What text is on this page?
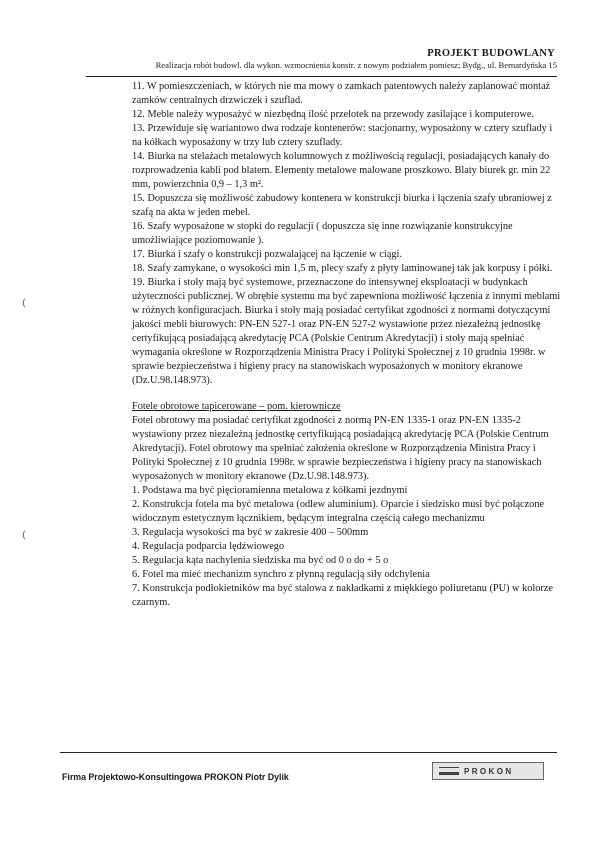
PROJEKT BUDOWLANY
Realizacja robót budowl. dla wykon. wzmocnienia konstr. z nowym podziałem pomiesz; Bydg., ul. Bernardyńska 15
(
(

11. W pomieszczeniach, w których nie ma mowy o zamkach patentowych należy zaplanować montaż zamków centralnych drzwiczek i szuflad.

12. Meble należy wyposażyć w niezbędną ilość przelotek na przewody zasilające i komputerowe.

13. Przewiduje się wariantowo dwa rodzaje kontenerów: stacjonarny, wyposażony w cztery szuflady i na kółkach wyposażony w trzy lub cztery szuflady.

14. Biurka na stelażach metalowych kolumnowych z możliwością regulacji, posiadających kanały do rozprowadzenia kabli pod blatem. Elementy metalowe malowane proszkowo. Blaty biurek gr. min 22 mm, powierzchnia 0,9 – 1,3 m².

15. Dopuszcza się możliwość zabudowy kontenera w konstrukcji biurka i łączenia szafy ubraniowej z szafą na akta w jeden mebel.

16. Szafy wyposażone w stopki do regulacji ( dopuszcza się inne rozwiązanie konstrukcyjne umożliwiające poziomowanie ).

17. Biurka i szafy o konstrukcji pozwalającej na łączenie w ciągi.

18. Szafy zamykane, o wysokości min 1,5 m, plecy szafy z płyty laminowanej tak jak korpusy i półki.

19. Biurka i stoły mają być systemowe, przeznaczone do intensywnej eksploatacji w budynkach użyteczności publicznej. W obrębie systemu ma być zapewniona możliwość łączenia z innymi meblami w różnych konfiguracjach. Biurka i stoły mają posiadać certyfikat zgodności z normami dotyczącymi jakości mebli biurowych: PN-EN 527-1 oraz PN-EN 527-2 wystawione przez niezależną jednostkę certyfikującą posiadającą akredytację PCA (Polskie Centrum Akredytacji) i stoły mają spełniać wymagania określone w Rozporządzenia Ministra Pracy i Polityki Społecznej z 10 grudnia 1998r. w sprawie bezpieczeństwa i higieny pracy na stanowiskach wyposażonych w monitory ekranowe (Dz.U.98.148.973).

Fotele obrotowe tapicerowane – pom. kierownicze

Fotel obrotowy ma posiadać certyfikat zgodności z normą PN-EN 1335-1 oraz PN-EN 1335-2 wystawiony przez niezależną jednostkę certyfikującą posiadającą akredytację PCA (Polskie Centrum Akredytacji). Fotel obrotowy ma spełniać założenia określone w Rozporządzenia Ministra Pracy i Polityki Społecznej z 10 grudnia 1998r. w sprawie bezpieczeństwa i higieny pracy na stanowiskach wyposażonych w monitory ekranowe (Dz.U.98.148.973).

1. Podstawa ma być pięcioramienna metalowa z kółkami jezdnymi

2. Konstrukcja fotela ma być metalowa (odlew aluminium). Oparcie i siedzisko musi być połączone widocznym estetycznym łącznikiem, będącym integralna częścią całego mechanizmu

3. Regulacja wysokości ma być w zakresie 400 – 500mm

4. Regulacja podparcia lędźwiowego

5. Regulacja kąta nachylenia siedziska ma być od 0 o do + 5 o

6. Fotel ma mieć mechanizm synchro z płynną regulacją siły odchylenia

7. Konstrukcja podłokietników ma być stalowa z nakładkami z miękkiego poliuretanu (PU) w kolorze czarnym.

Firma Projektowo-Konsultingowa PROKON Piotr Dylik
PROKON
